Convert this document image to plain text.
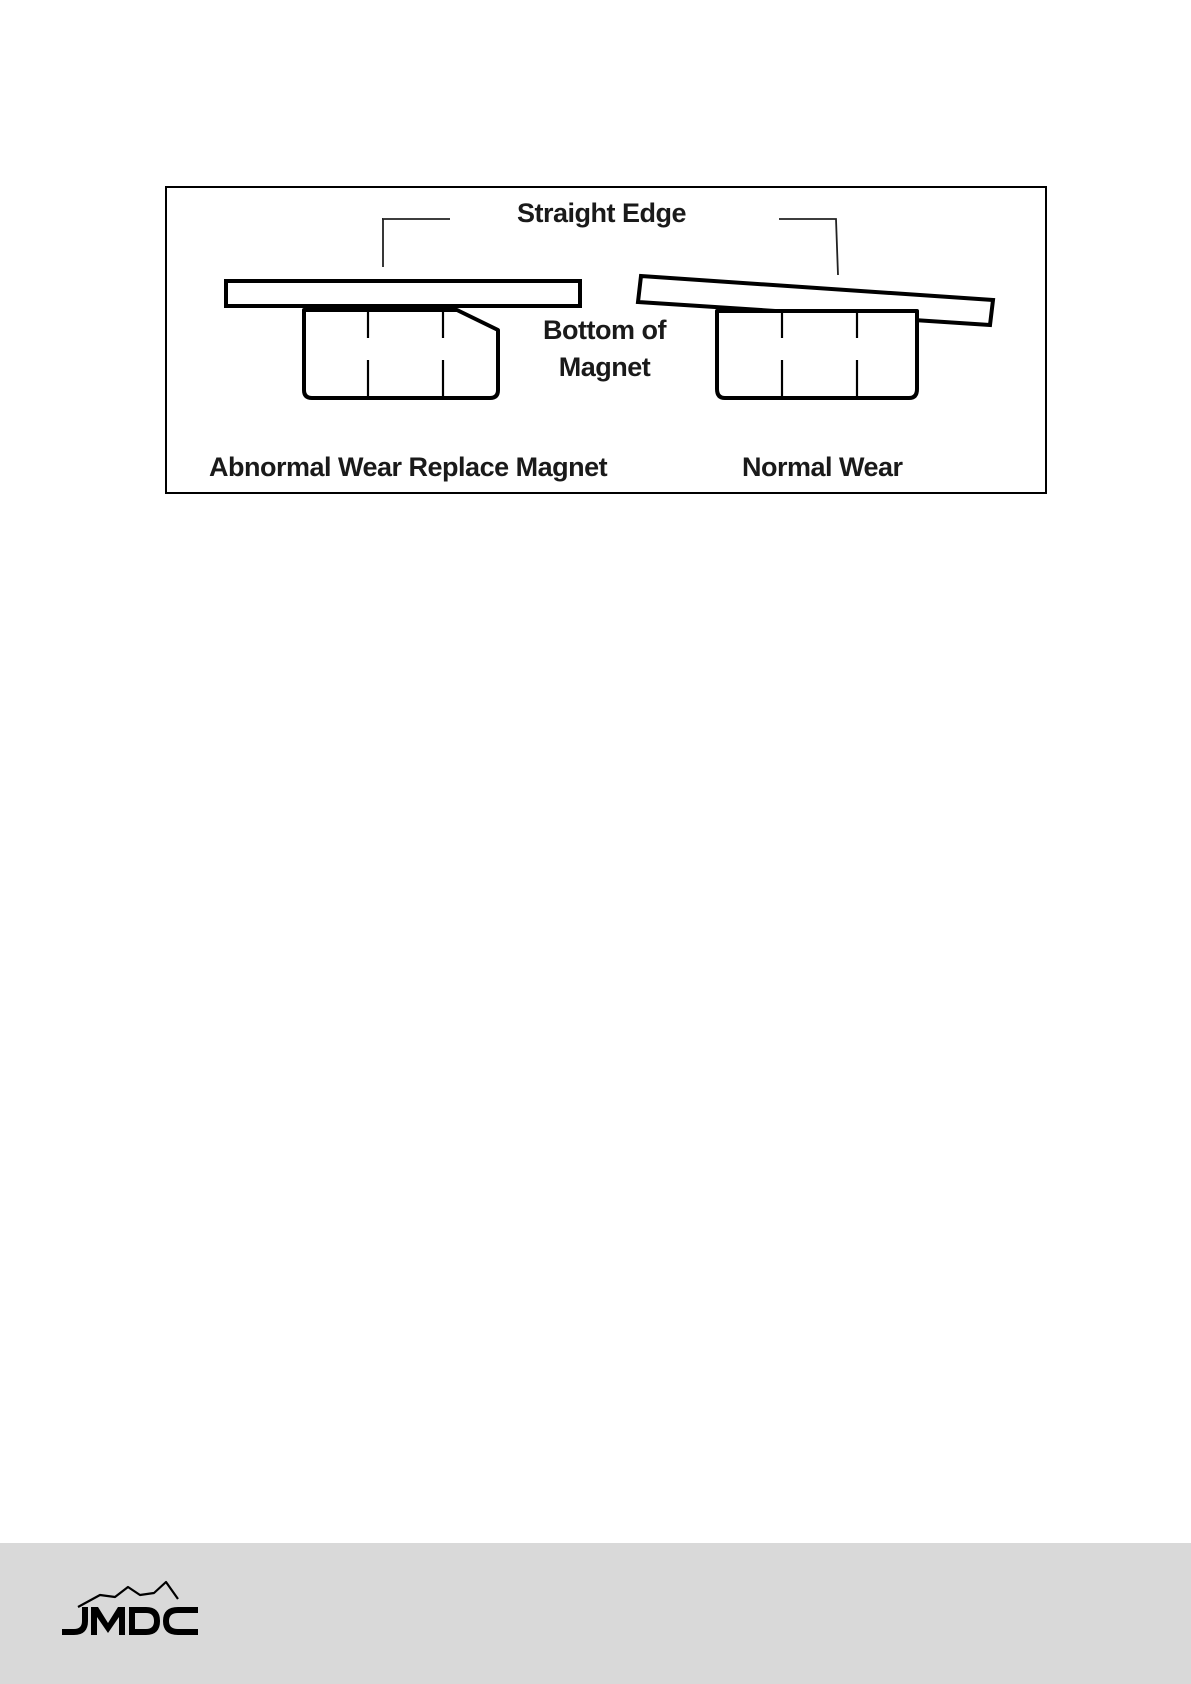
Straight Edge
Bottom of
Magnet
Abnormal Wear Replace Magnet	Normal Wear
